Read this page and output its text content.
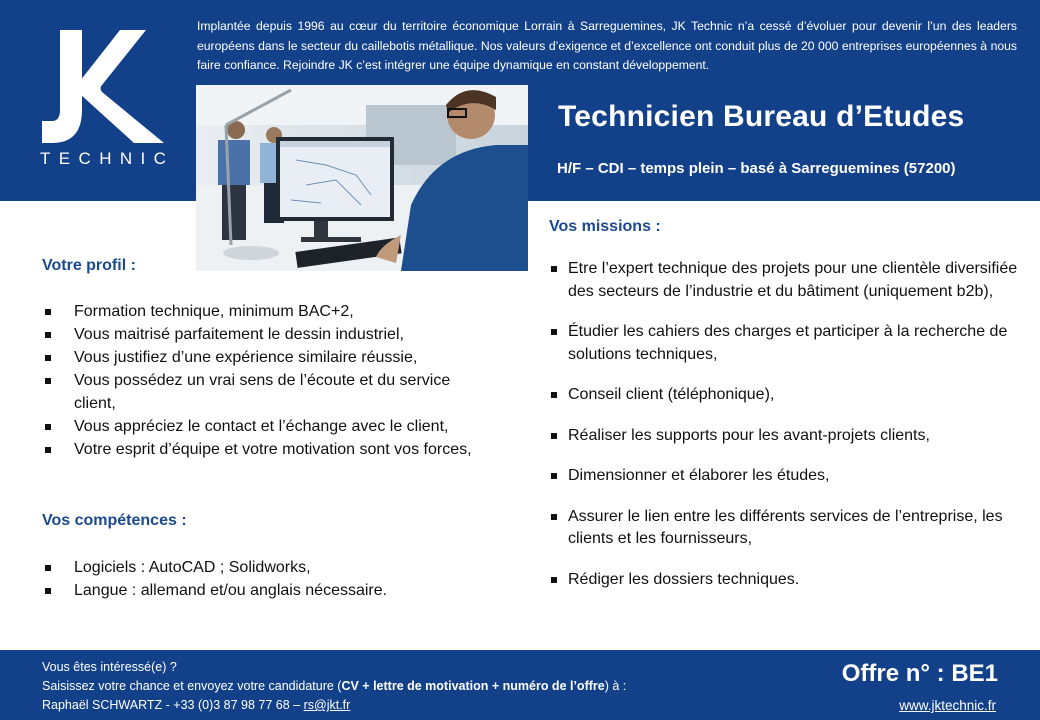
TECHNIC

Implantée depuis 1996 au cœur du territoire économique Lorrain à Sarreguemines, JK Technic n’a cessé d’évoluer pour devenir l’un des leaders européens dans le secteur du caillebotis métallique. Nos valeurs d’exigence et d’excellence ont conduit plus de 20 000 entreprises européennes à nous faire confiance. Rejoindre JK c’est intégrer une équipe dynamique en constant développement.

Technicien Bureau d’Etudes
H/F – CDI – temps plein – basé à Sarreguemines (57200)
Votre profil :
Formation technique, minimum BAC+2,
Vous maitrisé parfaitement le dessin industriel,
Vous justifiez d’une expérience similaire réussie,
Vous possédez un vrai sens de l’écoute et du service client,
Vous appréciez le contact et l’échange avec le client,
Votre esprit d’équipe et votre motivation sont vos forces,
Vos compétences :
Logiciels : AutoCAD ; Solidworks,
Langue : allemand et/ou anglais nécessaire.
Vos missions :
Etre l’expert technique des projets pour une clientèle diversifiée des secteurs de l’industrie et du bâtiment (uniquement b2b),
Étudier les cahiers des charges et participer à la recherche de solutions techniques,
Conseil client (téléphonique),
Réaliser les supports pour les avant-projets clients,
Dimensionner et élaborer les études,
Assurer le lien entre les différents services de l’entreprise, les clients et les fournisseurs,
Rédiger les dossiers techniques.
Vous êtes intéressé(e) ?
Saisissez votre chance et envoyez votre candidature (CV + lettre de motivation + numéro de l’offre) à :
Raphaël SCHWARTZ - +33 (0)3 87 98 77 68 – rs@jkt.fr
Offre n° : BE1
www.jktechnic.fr
